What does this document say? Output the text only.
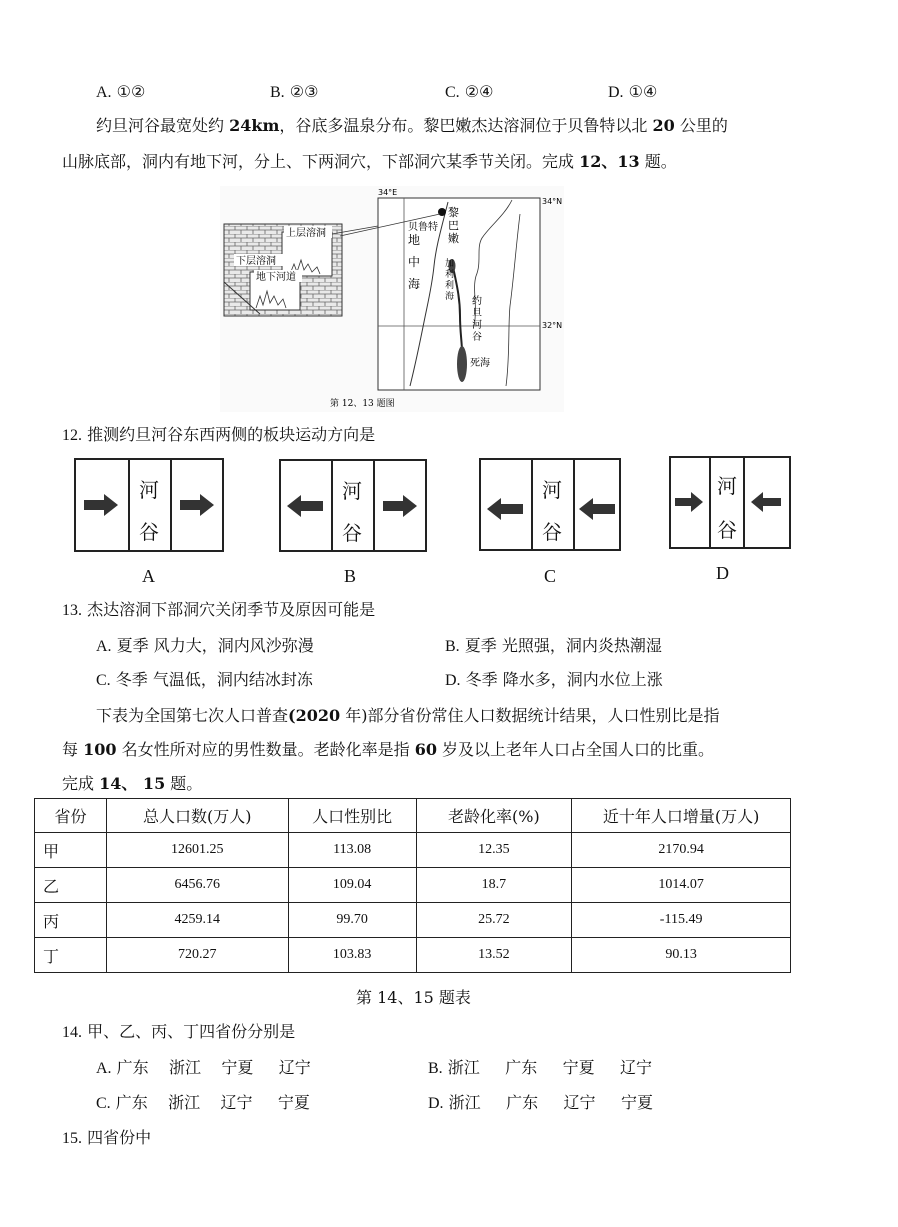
A. ①②	B. ②③	C. ②④	D. ①④
约旦河谷最宽处约 24km，谷底多温泉分布。黎巴嫩杰达溶洞位于贝鲁特以北 20 公里的
山脉底部，洞内有地下河，分上、下两洞穴，下部洞穴某季节关闭。完成 12、13 题。
上层溶洞
下层溶洞
地下河道
34°E
34°N
32°N
贝鲁特
黎
巴
嫩
地
中
海
加
利
利
海 约
旦
河
谷
死海
第 12、13 题图
12. 推测约旦河谷东西两侧的板块运动方向是
河
谷
A
河
谷
B
河
谷
C
河
谷
D
13. 杰达溶洞下部洞穴关闭季节及原因可能是
A. 夏季 风力大，洞内风沙弥漫	B. 夏季 光照强，洞内炎热潮湿
C. 冬季 气温低，洞内结冰封冻	D. 冬季 降水多，洞内水位上涨
下表为全国第七次人口普查(2020 年)部分省份常住人口数据统计结果，人口性别比是指
每 100 名女性所对应的男性数量。老龄化率是指 60 岁及以上老年人口占全国人口的比重。
完成 14、 15 题。
省份	总人口数(万人)	人口性别比	老龄化率(%)	近十年人口增量(万人)
甲	12601.25	113.08	12.35	2170.94
乙	6456.76	109.04	18.7	1014.07
丙	4259.14	99.70	25.72	-115.49
丁	720.27	103.83	13.52	90.13
第 14、15 题表
14. 甲、乙、丙、丁四省份分别是
A. 广东    浙江    宁夏     辽宁	B. 浙江     广东     宁夏     辽宁
C. 广东    浙江    辽宁     宁夏	D. 浙江     广东     辽宁     宁夏
15. 四省份中
